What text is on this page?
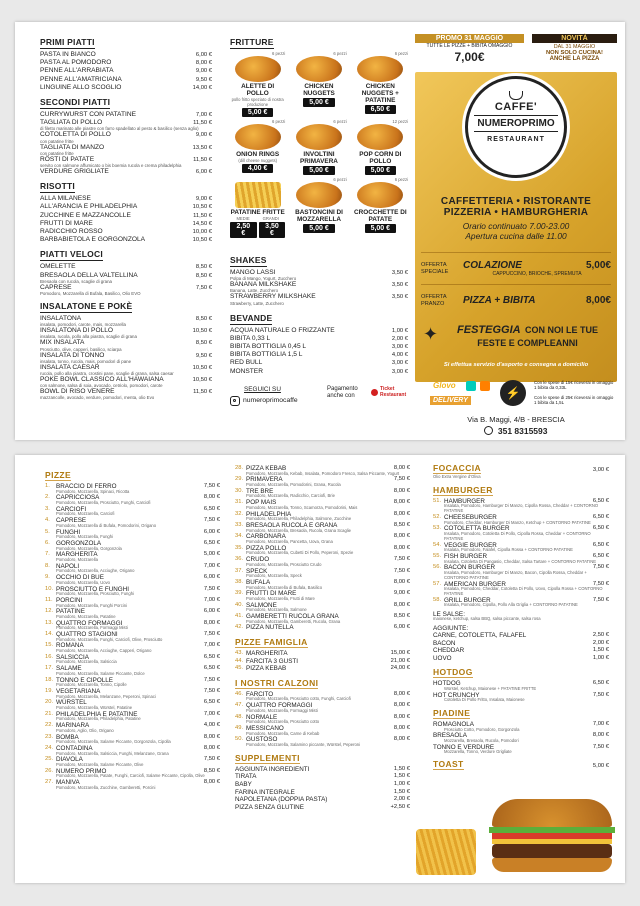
PRIMI PIATTI

PASTA IN BIANCO	6,00 €
PASTA AL POMODORO	8,00 €
PENNE ALL'ARRABIATA	9,00 €
PENNE ALL'AMATRICIANA	9,50 €
LINGUINE ALLO SCOGLIO	14,00 €
SECONDI PIATTI

CURRYWURST CON PATATINE	7,00 €
TAGLIATA DI POLLO	11,50 €
di filetto marinato alle piastre con farro spadellato al pesto & basilico (senza aglio)
COTOLETTA DI POLLO	9,00 €
con patatine fritte
TAGLIATA DI MANZO	13,50 €
con patatine fritte
RÖSTI DI PATATE	11,50 €
servito con salmone affumicato o bis boemia rucola e crema philadelphia
VERDURE GRIGLIATE	6,00 €
RISOTTI

ALLA MILANESE	9,00 €
ALL'ARANCIA E PHILADELPHIA	10,50 €
ZUCCHINE E MAZZANCOLLE	11,50 €
FRUTTI DI MARE	14,50 €
RADICCHIO ROSSO	10,00 €
BARBABIETOLA E GORGONZOLA	10,50 €
PIATTI VELOCI

OMELETTE	8,50 €
BRESAOLA DELLA VALTELLINA	8,50 €
Bresaola con rucola, scaglie di grana
CAPRESE	7,50 €
Pomodoro, Mozzarella di Bufala, Basilico, Olio EVO
INSALATONE E POKÈ

INSALATONA	8,50 €
insalata, pomodori, carote, mais, mozzarella
INSALATONA DI POLLO	10,50 €
insalata, rucola, pollo alla piastra, scaglie di grana
MIX INSALATA	8,50 €
Prosciutto, olive, capperi, basilico, sciarpa
INSALATA DI TONNO	9,50 €
insalata, tonno, rucola, mais, pomodori di pane
INSALATA CAESAR	10,50 €
rucola, pollo alla piastra, crostini pane, scaglie di grana, salsa caesar
POKE BOWL CLASSICO ALL'HAWAIANA	10,50 €
con salmone, salsa di soia, avocado, cetriolo, pomodori, carote
BOWL DI RISO VENERE	11,50 €
mazzancolle, avocado, verdure, pomodori, menta, olio Evo
FRITTURE
6 pezzi
ALETTE DI POLLO
pollo fritto speziato di nostra produzione
5,00 €
6 pezzi
CHICKEN NUGGETS
5,00 €
6 pezzi
CHICKEN NUGGETS + PATATINE
6,50 €
6 pezzi
ONION RINGS
(dill cheese nuggets)
4,00 €
6 pezzi
INVOLTINI PRIMAVERA
5,00 €
12 pezzi
POP CORN DI POLLO
5,00 €
PATATINE FRITTE
MEDIE	GRANDI
2,50 €
3,50 €
6 pezzi
BASTONCINI DI MOZZARELLA
5,00 €
6 pezzi
CROCCHETTE DI PATATE
5,00 €
SHAKES

MANGO LASSI	3,50 €
Polpa di Mango, Yogurt, Zucchero
BANANA MILKSHAKE	3,50 €
Banana, Latte, Zucchero
STRAWBERRY MILKSHAKE	3,50 €
Strawberry, Latte, Zucchero
BEVANDE

ACQUA NATURALE O FRIZZANTE	1,00 €
BIBITA 0,33 L	2,00 €
BIBITA BOTTIGLIA 0,45 L	3,00 €
BIBITA BOTTIGLIA 1,5 L	4,00 €
RED BULL	3,00 €
MONSTER	3,00 €
SEGUICI SU
numeroprimocaffe
Pagamento anche con
Ticket Restaurant
PROMO 31 MAGGIO
TUTTE LE PIZZE + BIBITA OMAGGIO
7,00€
NOVITÀ
DAL 31 MAGGIO
NON SOLO CUCINA!
ANCHE LA PIZZA
CAFFE'
NUMEROPRIMO
RESTAURANT
CAFFETTERIA • RISTORANTE
PIZZERIA • HAMBURGHERIA
Orario continuato 7.00-23.00
Apertura cucina dalle 11.00
OFFERTA SPECIALE
COLAZIONE	5,00€
CAPPUCCINO, BRIOCHE, SPREMUTA
OFFERTA PRANZO	PIZZA + BIBITA	8,00€
✦	FESTEGGIA CON NOI LE TUE
FESTE E COMPLEANNI
Si effettua servizio d'asporto e consegna a domicilio
Glovo
DELIVERY
⚡
Con le spese di 15€ riceverai in omaggio 1 bibita da 0,33L
Con le spese di 25€ riceverai in omaggio 1 bibita da 1,5L
Via B. Maggi, 4/B - BRESCIA
351 8315593
PIZZE

1. BRACCIO DI FERRO	7,50 €
Pomodoro, Mozzarella, Spinaci, Ricotta
2. CAPRICCIOSA	8,00 €
Pomodoro, Mozzarella, Prosciutto, Funghi, Carciofi
3. CARCIOFI	6,50 €
Pomodoro, Mozzarella, Carciofi
4. CAPRESE	7,50 €
Pomodoro, Mozzarella di Bufala, Pomodorini, Origano
5. FUNGHI	6,00 €
Pomodoro, Mozzarella, Funghi
6. GORGONZOLA	6,50 €
Pomodoro, Mozzarella, Gorgonzola
7. MARGHERITA	5,00 €
Pomodoro, Mozzarella
8. NAPOLI	7,00 €
Pomodoro, Mozzarella, Acciughe, Origano
9. OCCHIO DI BUE	6,00 €
Pomodoro, Mozzarella, Uovo
10. PROSCIUTTO E FUNGHI	7,50 €
Pomodoro, Mozzarella, Prosciutto, Funghi
11. PORCINI	7,00 €
Pomodoro, Mozzarella, Funghi Porcini
12. PATATINE	6,00 €
Pomodoro, Mozzarella, Patatine
13. QUATTRO FORMAGGI	8,00 €
Pomodoro, Mozzarella, Formaggi Misti
14. QUATTRO STAGIONI	7,50 €
Pomodoro, Mozzarella, Funghi, Carciofi, Olive, Prosciutto
15. ROMANA	7,00 €
Pomodoro, Mozzarella, Acciughe, Capperi, Origano
16. SALSICCIA	6,50 €
Pomodoro, Mozzarella, Salsiccia
17. SALAME	6,50 €
Pomodoro, Mozzarella, Salame Piccante, Dolce
18. TONNO E CIPOLLE	7,50 €
Pomodoro, Mozzarella, Tonno, Cipolle
19. VEGETARIANA	7,50 €
Pomodoro, Mozzarella, Melanzane, Peperoni, Spinaci
20. WÜRSTEL	6,50 €
Pomodoro, Mozzarella, Würstel, Patatine
21. PHILADELPHIA E PATATINE	7,00 €
Pomodoro, Mozzarella, Philadelphia, Patatine
22. MARINARA	4,00 €
Pomodoro, Aglio, Olio, Origano
23. BOMBA	8,00 €
Pomodoro, Mozzarella, Salame Piccante, Gorgonzola, Cipolla
24. CONTADINA	8,00 €
Pomodoro, Mozzarella, Salsiccia, Funghi, Melanzane, Grana
25. DIAVOLA	7,50 €
Pomodoro, Mozzarella, Salame Piccante, Olive
26. NUMERO PRIMO	8,50 €
Pomodoro, Mozzarella, Patate, Funghi, Carciofi, Salame Piccante, Cipolla, Olive
27. MANIVA	8,00 €
Pomodoro, Mozzarella, Zucchine, Gamberetti, Porcini
28. PIZZA KEBAB	8,00 €
Pomodoro, Mozzarella, Kebab, Insalata, Pomodoro Fresco, Salsa Piccante, Yogurt
29. PRIMAVERA	7,50 €
Pomodoro, Mozzarella, Pomodorini, Grana, Rucola
30. TRE BRE	8,00 €
Pomodoro, Mozzarella, Radicchio, Carciofi, Brie
31. POP MAIS	8,00 €
Pomodoro, Mozzarella, Tonno, Scamorza, Pomodorini, Mais
32. PHILADELPHIA	8,00 €
Pomodoro, Mozzarella, Philadelphia, Salmone, Zucchine
33. BRESAOLA RUCOLA E GRANA	8,50 €
Pomodoro, Mozzarella, Bresaola, Rucola, Grana Scaglie
34. CARBONARA	8,00 €
Pomodoro, Mozzarella, Pancetta, Uova, Grana
35. PIZZA POLLO	8,00 €
Pomodoro, Mozzarella, Cubetti Di Pollo, Peperoni, Spezie
36. CRUDO	7,50 €
Pomodoro, Mozzarella, Prosciutto Crudo
37. SPECK	7,50 €
Pomodoro, Mozzarella, Speck
38. BUFALA	8,00 €
Pomodoro, Mozzarella di Bufala, Basilico
39. FRUTTI DI MARE	9,00 €
Pomodoro, Mozzarella, Frutti di Mare
40. SALMONE	8,00 €
Pomodoro, Mozzarella, Salmone
41. GAMBERETTI RUCOLA GRANA	8,50 €
Pomodoro, Mozzarella, Gamberetti, Rucola, Grana
42. PIZZA NUTELLA	6,00 €
PIZZE FAMIGLIA

43. MARGHERITA	15,00 €
44. FARCITA 3 GUSTI	21,00 €
45. PIZZA KEBAB	24,00 €
I NOSTRI CALZONI

46. FARCITO	8,00 €
Pomodoro, Mozzarella, Prosciutto cotto, Funghi, Carciofi
47. QUATTRO FORMAGGI	8,00 €
Pomodoro, Mozzarella, Formaggi Misti
48. NORMALE	8,00 €
Pomodoro, Mozzarella, Prosciutto cotto
49. MESSICANO	8,00 €
Pomodoro, Mozzarella, Carne di Kebab
50. GUSTOSO	8,00 €
Pomodoro, Mozzarella, Salamino piccante, Würstel, Peperoni
SUPPLEMENTI

AGGIUNTA INGREDIENTI	1,50 €
TIRATA	1,50 €
BABY	1,00 €
FARINA INTEGRALE	1,50 €
NAPOLETANA (DOPPIA PASTA)	2,00 €
PIZZA SENZA GLUTINE	+2,50 €
FOCACCIA	3,00 €
Olio Extra Vergine d'Oliva
HAMBURGER

51. HAMBURGER	6,50 €
Insalata, Pomodoro, Hamburger Di Manzo, Cipolla Rossa, Cheddar + CONTORNO PATATINE
52. CHEESEBURGER	6,50 €
Pomodoro, Cheddar, Hamburger Di Manzo, Ketchup + CONTORNO PATATINE
53. COTOLETTA BURGER	6,50 €
Insalata, Pomodoro, Cotoletta Di Pollo, Cipolla Rossa, Cheddar + CONTORNO PATATINE
54. VEGGIE BURGER	6,50 €
Insalata, Pomodoro, Falafel, Cipolla Rossa + CONTORNO PATATINE
55. FISH BURGER	6,50 €
Insalata, Cotoletta Di Pangasio, Cheddar, Salsa Tartare + CONTORNO PATATINE
56. BACON BURGER	7,50 €
Insalata, Pomodoro, Hamburger Di Manzo, Bacon, Cipolla Rossa, Cheddar + CONTORNO PATATINE
57. AMERICAN BURGER	7,50 €
Insalata, Pomodoro, Cheddar, Cotoletta Di Pollo, Uovo, Cipolla Rossa + CONTORNO PATATINE
58. GRILL BURGER	7,50 €
Insalata, Pomodoro, Cipolla, Pollo Alla Griglia + CONTORNO PATATINE
LE SALSE:
maionese, ketchup, salsa BBQ, salsa piccante, salsa rosa
AGGIUNTE:
CARNE, COTOLETTA, FALAFEL	2,50 €
BACON	2,00 €
CHEDDAR	1,50 €
UOVO	1,00 €
HOTDOG

HOTDOG	6,50 €
Würstel, Ketchup, Maionese + PATATINE FRITTE
HOT CRUNCHY	7,50 €
Cotoletta Di Pollo Fritto, Insalata, Maionese
PIADINE

ROMAGNOLA	7,00 €
Prosciutto Cotto, Pomodoro, Gorgonzola
BRESAOLA	8,00 €
Mozzarella, Bresaola, Rucola, Pomodori
TONNO E VERDURE	7,50 €
Mozzarella, Tonno, Verdure Grigliate
TOAST	5,00 €
